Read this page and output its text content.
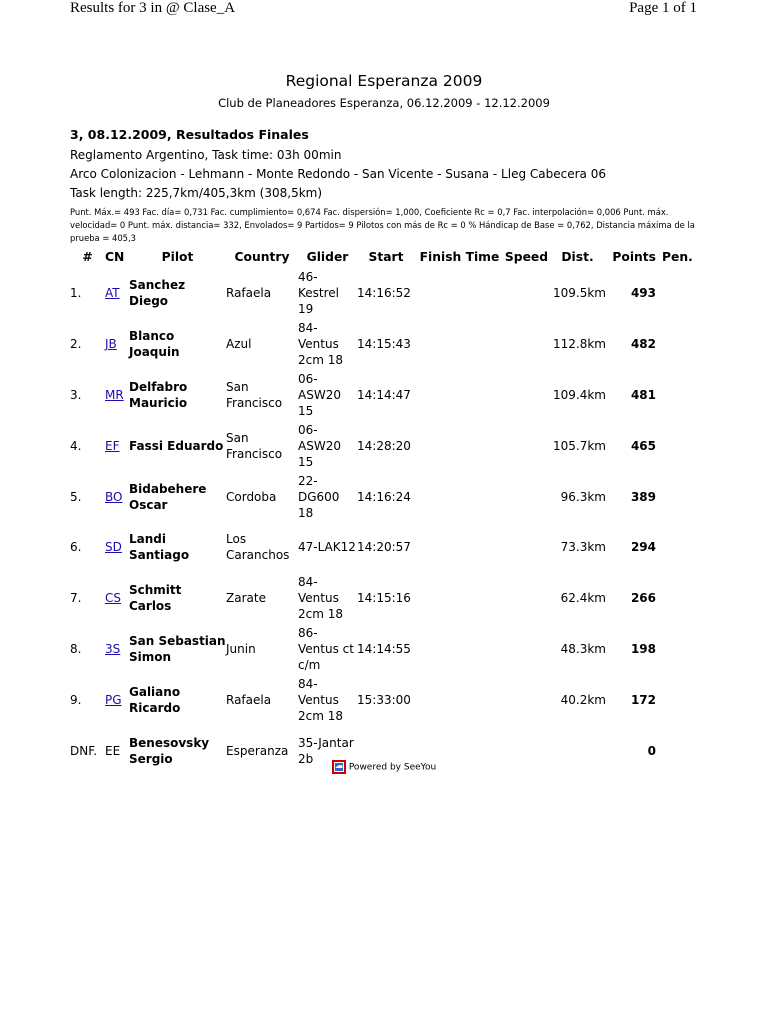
Results for 3 in @ Clase_A	Page 1 of 1
Regional Esperanza 2009
Club de Planeadores Esperanza, 06.12.2009 - 12.12.2009
3, 08.12.2009, Resultados Finales
Reglamento Argentino, Task time: 03h 00min
Arco Colonizacion - Lehmann - Monte Redondo - San Vicente - Susana - Lleg Cabecera 06
Task length: 225,7km/405,3km (308,5km)
Punt. Máx.= 493 Fac. día= 0,731 Fac. cumplimiento= 0,674 Fac. dispersión= 1,000, Coeficiente Rc = 0,7 Fac. interpolación= 0,006 Punt. máx. velocidad= 0 Punt. máx. distancia= 332, Envolados= 9 Partidos= 9 Pilotos con más de Rc = 0 % Hándicap de Base = 0,762, Distancia máxima de la prueba = 405,3
#	CN	Pilot	Country	Glider	Start	Finish Time	Speed	Dist.	Points	Pen.
1.	AT	Sanchez Diego	Rafaela	46-Kestrel 19	14:16:52			109.5km	493	
2.	JB	Blanco Joaquin	Azul	84-Ventus 2cm 18	14:15:43			112.8km	482	
3.	MR	Delfabro Mauricio	San Francisco	06-ASW20 15	14:14:47			109.4km	481	
4.	EF	Fassi Eduardo	San Francisco	06-ASW20 15	14:28:20			105.7km	465	
5.	BO	Bidabehere Oscar	Cordoba	22-DG600 18	14:16:24			96.3km	389	
6.	SD	Landi Santiago	Los Caranchos	47-LAK12	14:20:57			73.3km	294	
7.	CS	Schmitt Carlos	Zarate	84-Ventus 2cm 18	14:15:16			62.4km	266	
8.	3S	San Sebastian Simon	Junin	86-Ventus ct c/m	14:14:55			48.3km	198	
9.	PG	Galiano Ricardo	Rafaela	84-Ventus 2cm 18	15:33:00			40.2km	172	
DNF.	EE	Benesovsky Sergio	Esperanza	35-Jantar 2b					0	
Powered by SeeYou
